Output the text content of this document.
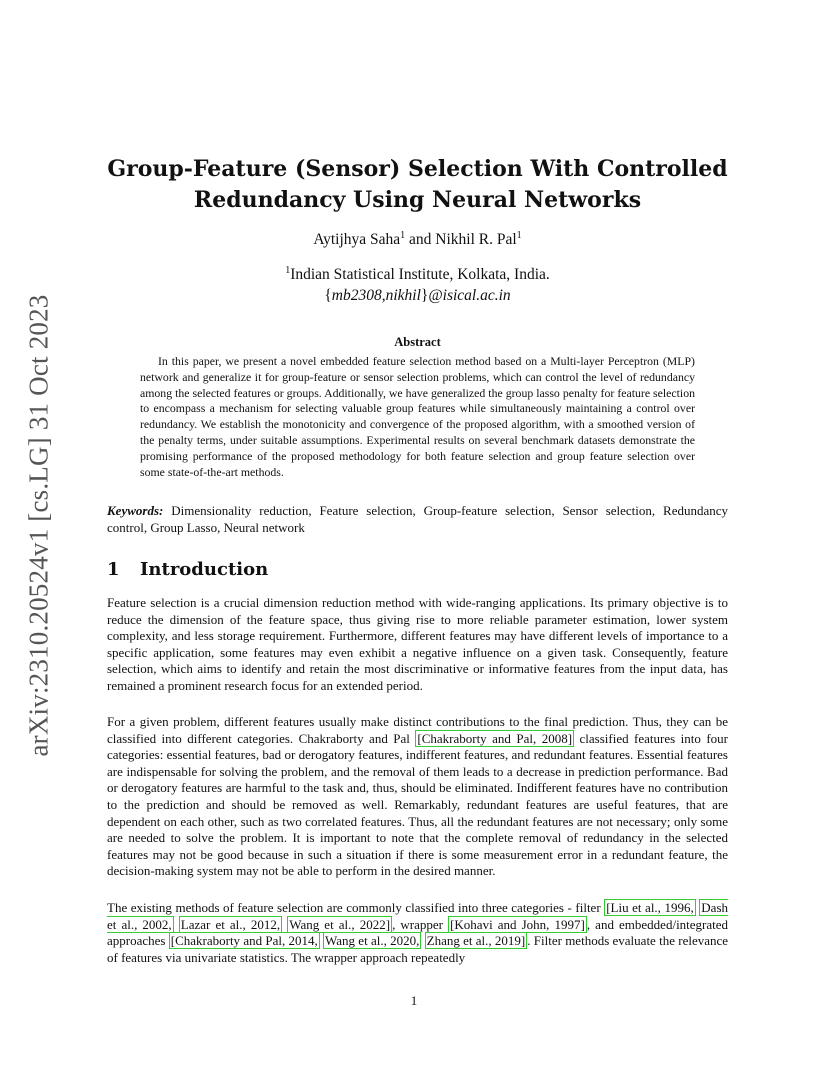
arXiv:2310.20524v1 [cs.LG] 31 Oct 2023
Group-Feature (Sensor) Selection With Controlled
Redundancy Using Neural Networks
Aytijhya Saha$^1$ and Nikhil R. Pal$^1$
$^1$Indian Statistical Institute, Kolkata, India.
{mb2308,nikhil}@isical.ac.in
Abstract

In this paper, we present a novel embedded feature selection method based on a Multi-layer Perceptron (MLP) network and generalize it for group-feature or sensor selection problems, which can control the level of redundancy among the selected features or groups. Additionally, we have generalized the group lasso penalty for feature selection to encompass a mechanism for selecting valuable group features while simultaneously maintaining a control over redundancy. We establish the monotonicity and convergence of the proposed algorithm, with a smoothed version of the penalty terms, under suitable assumptions. Experimental results on several benchmark datasets demonstrate the promising performance of the proposed methodology for both feature selection and group feature selection over some state-of-the-art methods.

Keywords: Dimensionality reduction, Feature selection, Group-feature selection, Sensor selection, Redundancy control, Group Lasso, Neural network

1 Introduction

Feature selection is a crucial dimension reduction method with wide-ranging applications. Its primary objective is to reduce the dimension of the feature space, thus giving rise to more reliable parameter estimation, lower system complexity, and less storage requirement. Furthermore, different features may have different levels of importance to a specific application, some features may even exhibit a negative influence on a given task. Consequently, feature selection, which aims to identify and retain the most discriminative or informative features from the input data, has remained a prominent research focus for an extended period.

For a given problem, different features usually make distinct contributions to the final prediction. Thus, they can be classified into different categories. Chakraborty and Pal [Chakraborty and Pal, 2008] classified features into four categories: essential features, bad or derogatory features, indifferent features, and redundant features. Essential features are indispensable for solving the problem, and the removal of them leads to a decrease in prediction performance. Bad or derogatory features are harmful to the task and, thus, should be eliminated. Indifferent features have no contribution to the prediction and should be removed as well. Remarkably, redundant features are useful features, that are dependent on each other, such as two correlated features. Thus, all the redundant features are not necessary; only some are needed to solve the problem. It is important to note that the complete removal of redundancy in the selected features may not be good because in such a situation if there is some measurement error in a redundant feature, the decision-making system may not be able to perform in the desired manner.

The existing methods of feature selection are commonly classified into three categories - filter [Liu et al., 1996, Dash et al., 2002, Lazar et al., 2012, Wang et al., 2022] , wrapper [Kohavi and John, 1997] , and embedded/integrated approaches [Chakraborty and Pal, 2014, Wang et al., 2020, Zhang et al., 2019] . Filter methods evaluate the relevance of features via univariate statistics. The wrapper approach repeatedly

1
